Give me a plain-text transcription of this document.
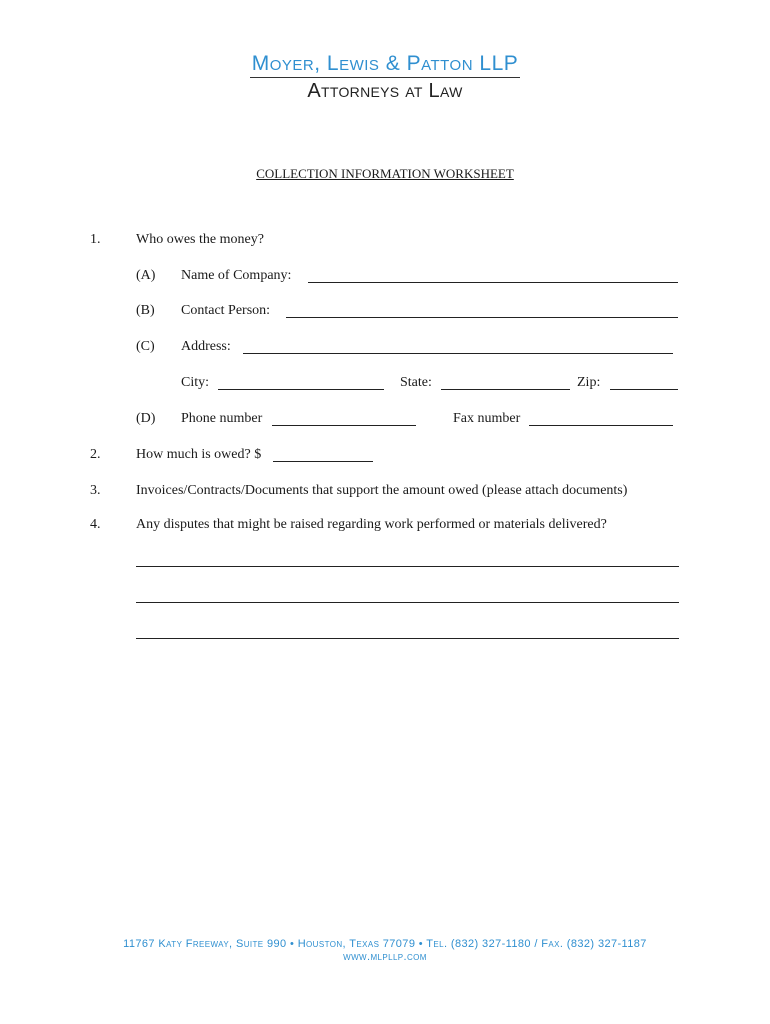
Moyer, Lewis & Patton LLP
Attorneys at Law
COLLECTION INFORMATION WORKSHEET
1.	Who owes the money?
(A) Name of Company:
(B) Contact Person:
(C) Address:
City:	State:	Zip:
(D) Phone number	Fax number
2.	How much is owed? $
3.	Invoices/Contracts/Documents that support the amount owed (please attach documents)
4.	Any disputes that might be raised regarding work performed or materials delivered?
11767 Katy Freeway, Suite 990 • Houston, Texas 77079 • Tel. (832) 327-1180 / Fax. (832) 327-1187
www.mlpllp.com
